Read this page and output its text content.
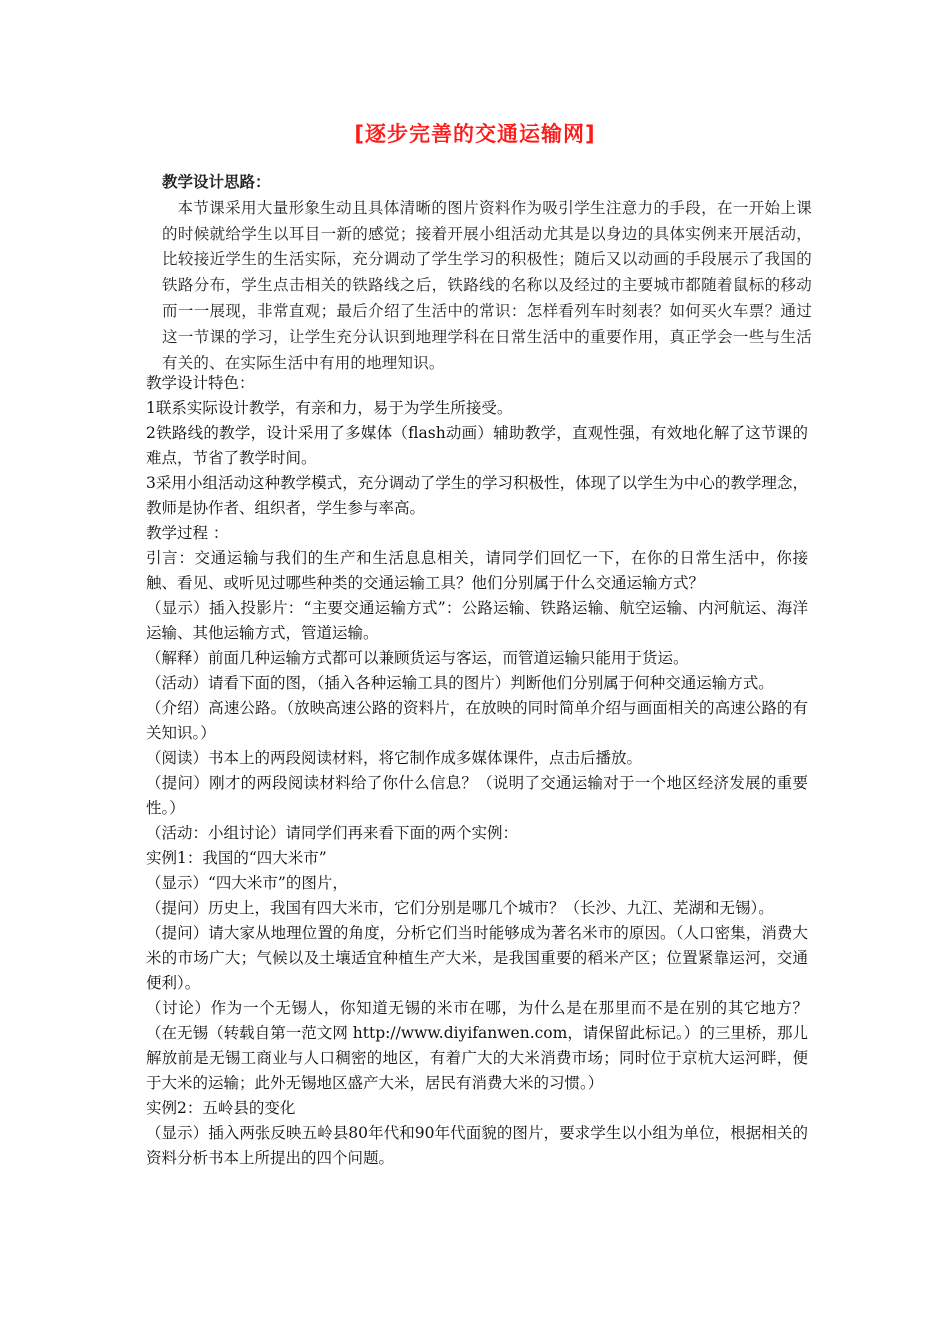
[逐步完善的交通运输网]
教学设计思路：
本节课采用大量形象生动且具体清晰的图片资料作为吸引学生注意力的手段，在一开始上课的时候就给学生以耳目一新的感觉；接着开展小组活动尤其是以身边的具体实例来开展活动，比较接近学生的生活实际，充分调动了学生学习的积极性；随后又以动画的手段展示了我国的铁路分布，学生点击相关的铁路线之后，铁路线的名称以及经过的主要城市都随着鼠标的移动而一一展现，非常直观；最后介绍了生活中的常识：怎样看列车时刻表？如何买火车票？通过这一节课的学习，让学生充分认识到地理学科在日常生活中的重要作用，真正学会一些与生活有关的、在实际生活中有用的地理知识。

教学设计特色：

1联系实际设计教学，有亲和力，易于为学生所接受。

2铁路线的教学，设计采用了多媒体（flash动画）辅助教学，直观性强，有效地化解了这节课的难点，节省了教学时间。

3采用小组活动这种教学模式，充分调动了学生的学习积极性，体现了以学生为中心的教学理念，教师是协作者、组织者，学生参与率高。

教学过程 ：

引言：交通运输与我们的生产和生活息息相关，请同学们回忆一下，在你的日常生活中，你接触、看见、或听见过哪些种类的交通运输工具？他们分别属于什么交通运输方式？

（显示）插入投影片：“主要交通运输方式”：公路运输、铁路运输、航空运输、内河航运、海洋运输、其他运输方式，管道运输。

（解释）前面几种运输方式都可以兼顾货运与客运，而管道运输只能用于货运。

（活动）请看下面的图，（插入各种运输工具的图片）判断他们分别属于何种交通运输方式。

（介绍）高速公路。（放映高速公路的资料片，在放映的同时简单介绍与画面相关的高速公路的有关知识。）

（阅读）书本上的两段阅读材料，将它制作成多媒体课件，点击后播放。

（提问）刚才的两段阅读材料给了你什么信息？（说明了交通运输对于一个地区经济发展的重要性。）

（活动：小组讨论）请同学们再来看下面的两个实例：

实例1：我国的“四大米市”

（显示）“四大米市”的图片，

（提问）历史上，我国有四大米市，它们分别是哪几个城市？（长沙、九江、芜湖和无锡）。

（提问）请大家从地理位置的角度，分析它们当时能够成为著名米市的原因。（人口密集，消费大米的市场广大；气候以及土壤适宜种植生产大米，是我国重要的稻米产区；位置紧靠运河，交通便利）。

（讨论）作为一个无锡人，你知道无锡的米市在哪，为什么是在那里而不是在别的其它地方？（在无锡（转载自第一范文网 http://www.diyifanwen.com，请保留此标记。）的三里桥，那儿解放前是无锡工商业与人口稠密的地区，有着广大的大米消费市场；同时位于京杭大运河畔，便于大米的运输；此外无锡地区盛产大米，居民有消费大米的习惯。）

实例2：五岭县的变化

（显示）插入两张反映五岭县80年代和90年代面貌的图片，要求学生以小组为单位，根据相关的资料分析书本上所提出的四个问题。
